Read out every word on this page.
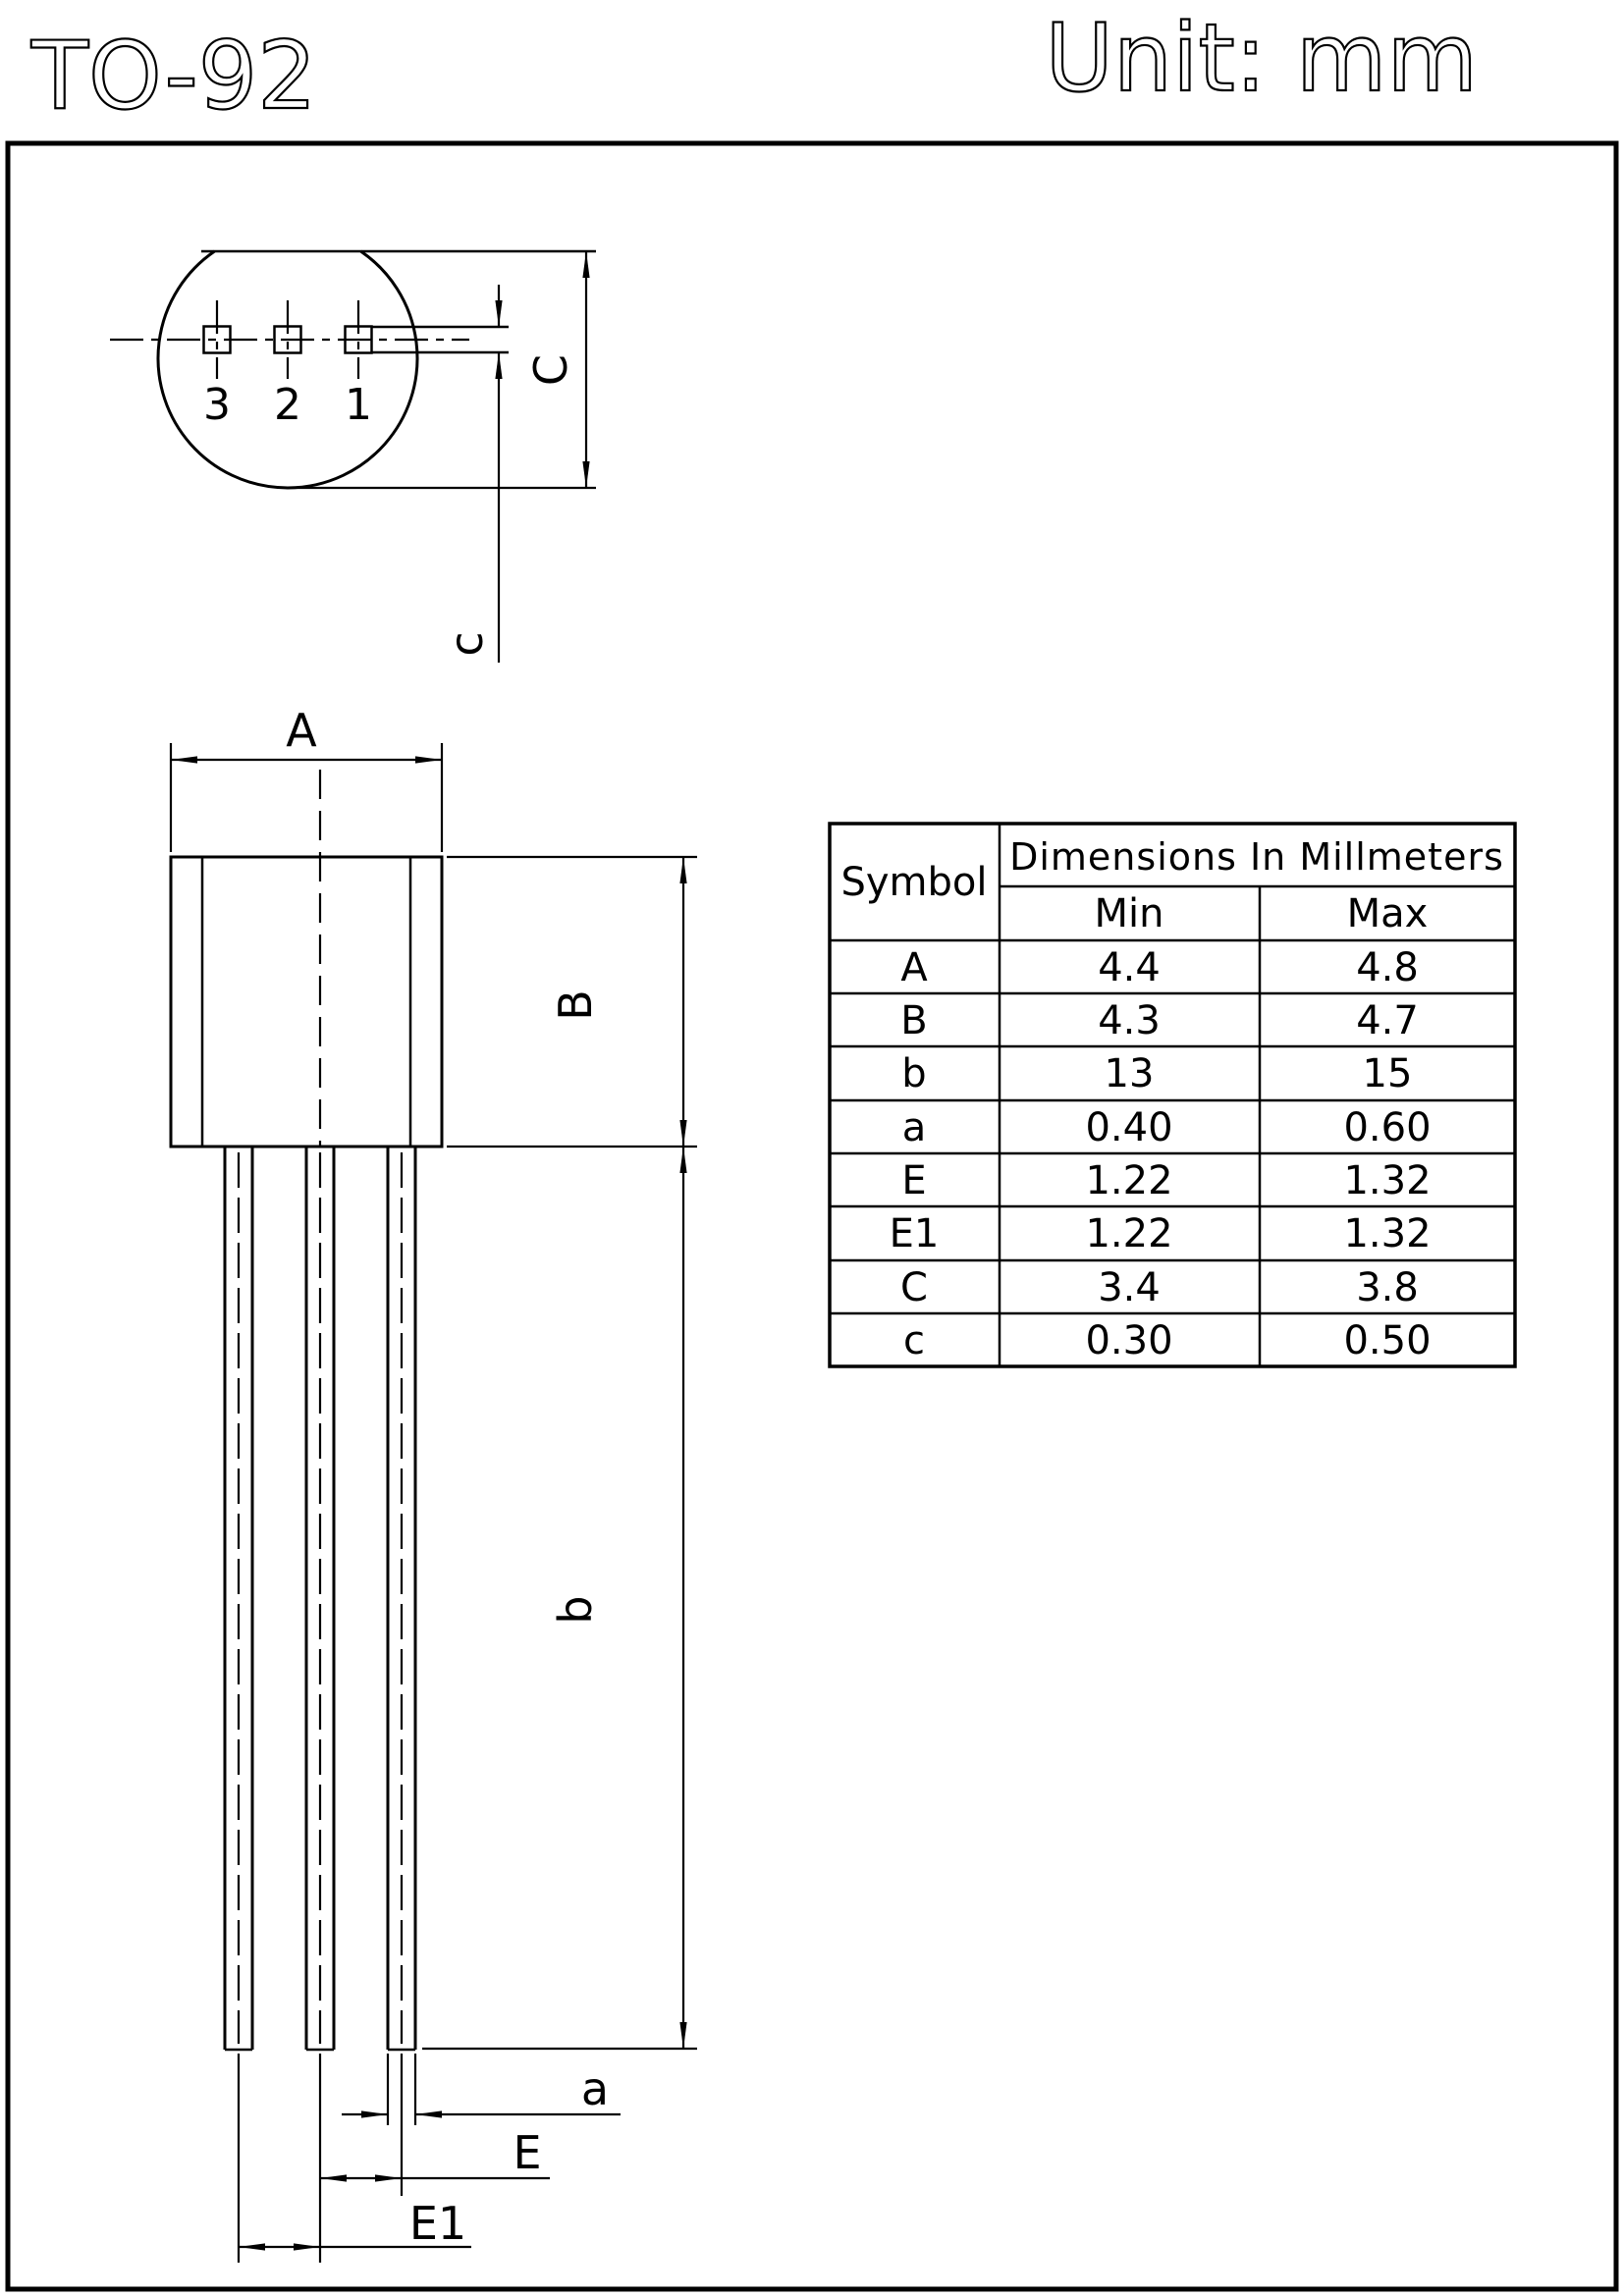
TO-92	Unit: mm
3 2 1
c
C
A
B
b
a
E
E1
Symbol
Dimensions In Millmeters
Min	Max
A	4.4	4.8
B	4.3	4.7
b	13	15
a	0.40	0.60
E	1.22	1.32
E1	1.22	1.32
C	3.4	3.8
c	0.30	0.50
